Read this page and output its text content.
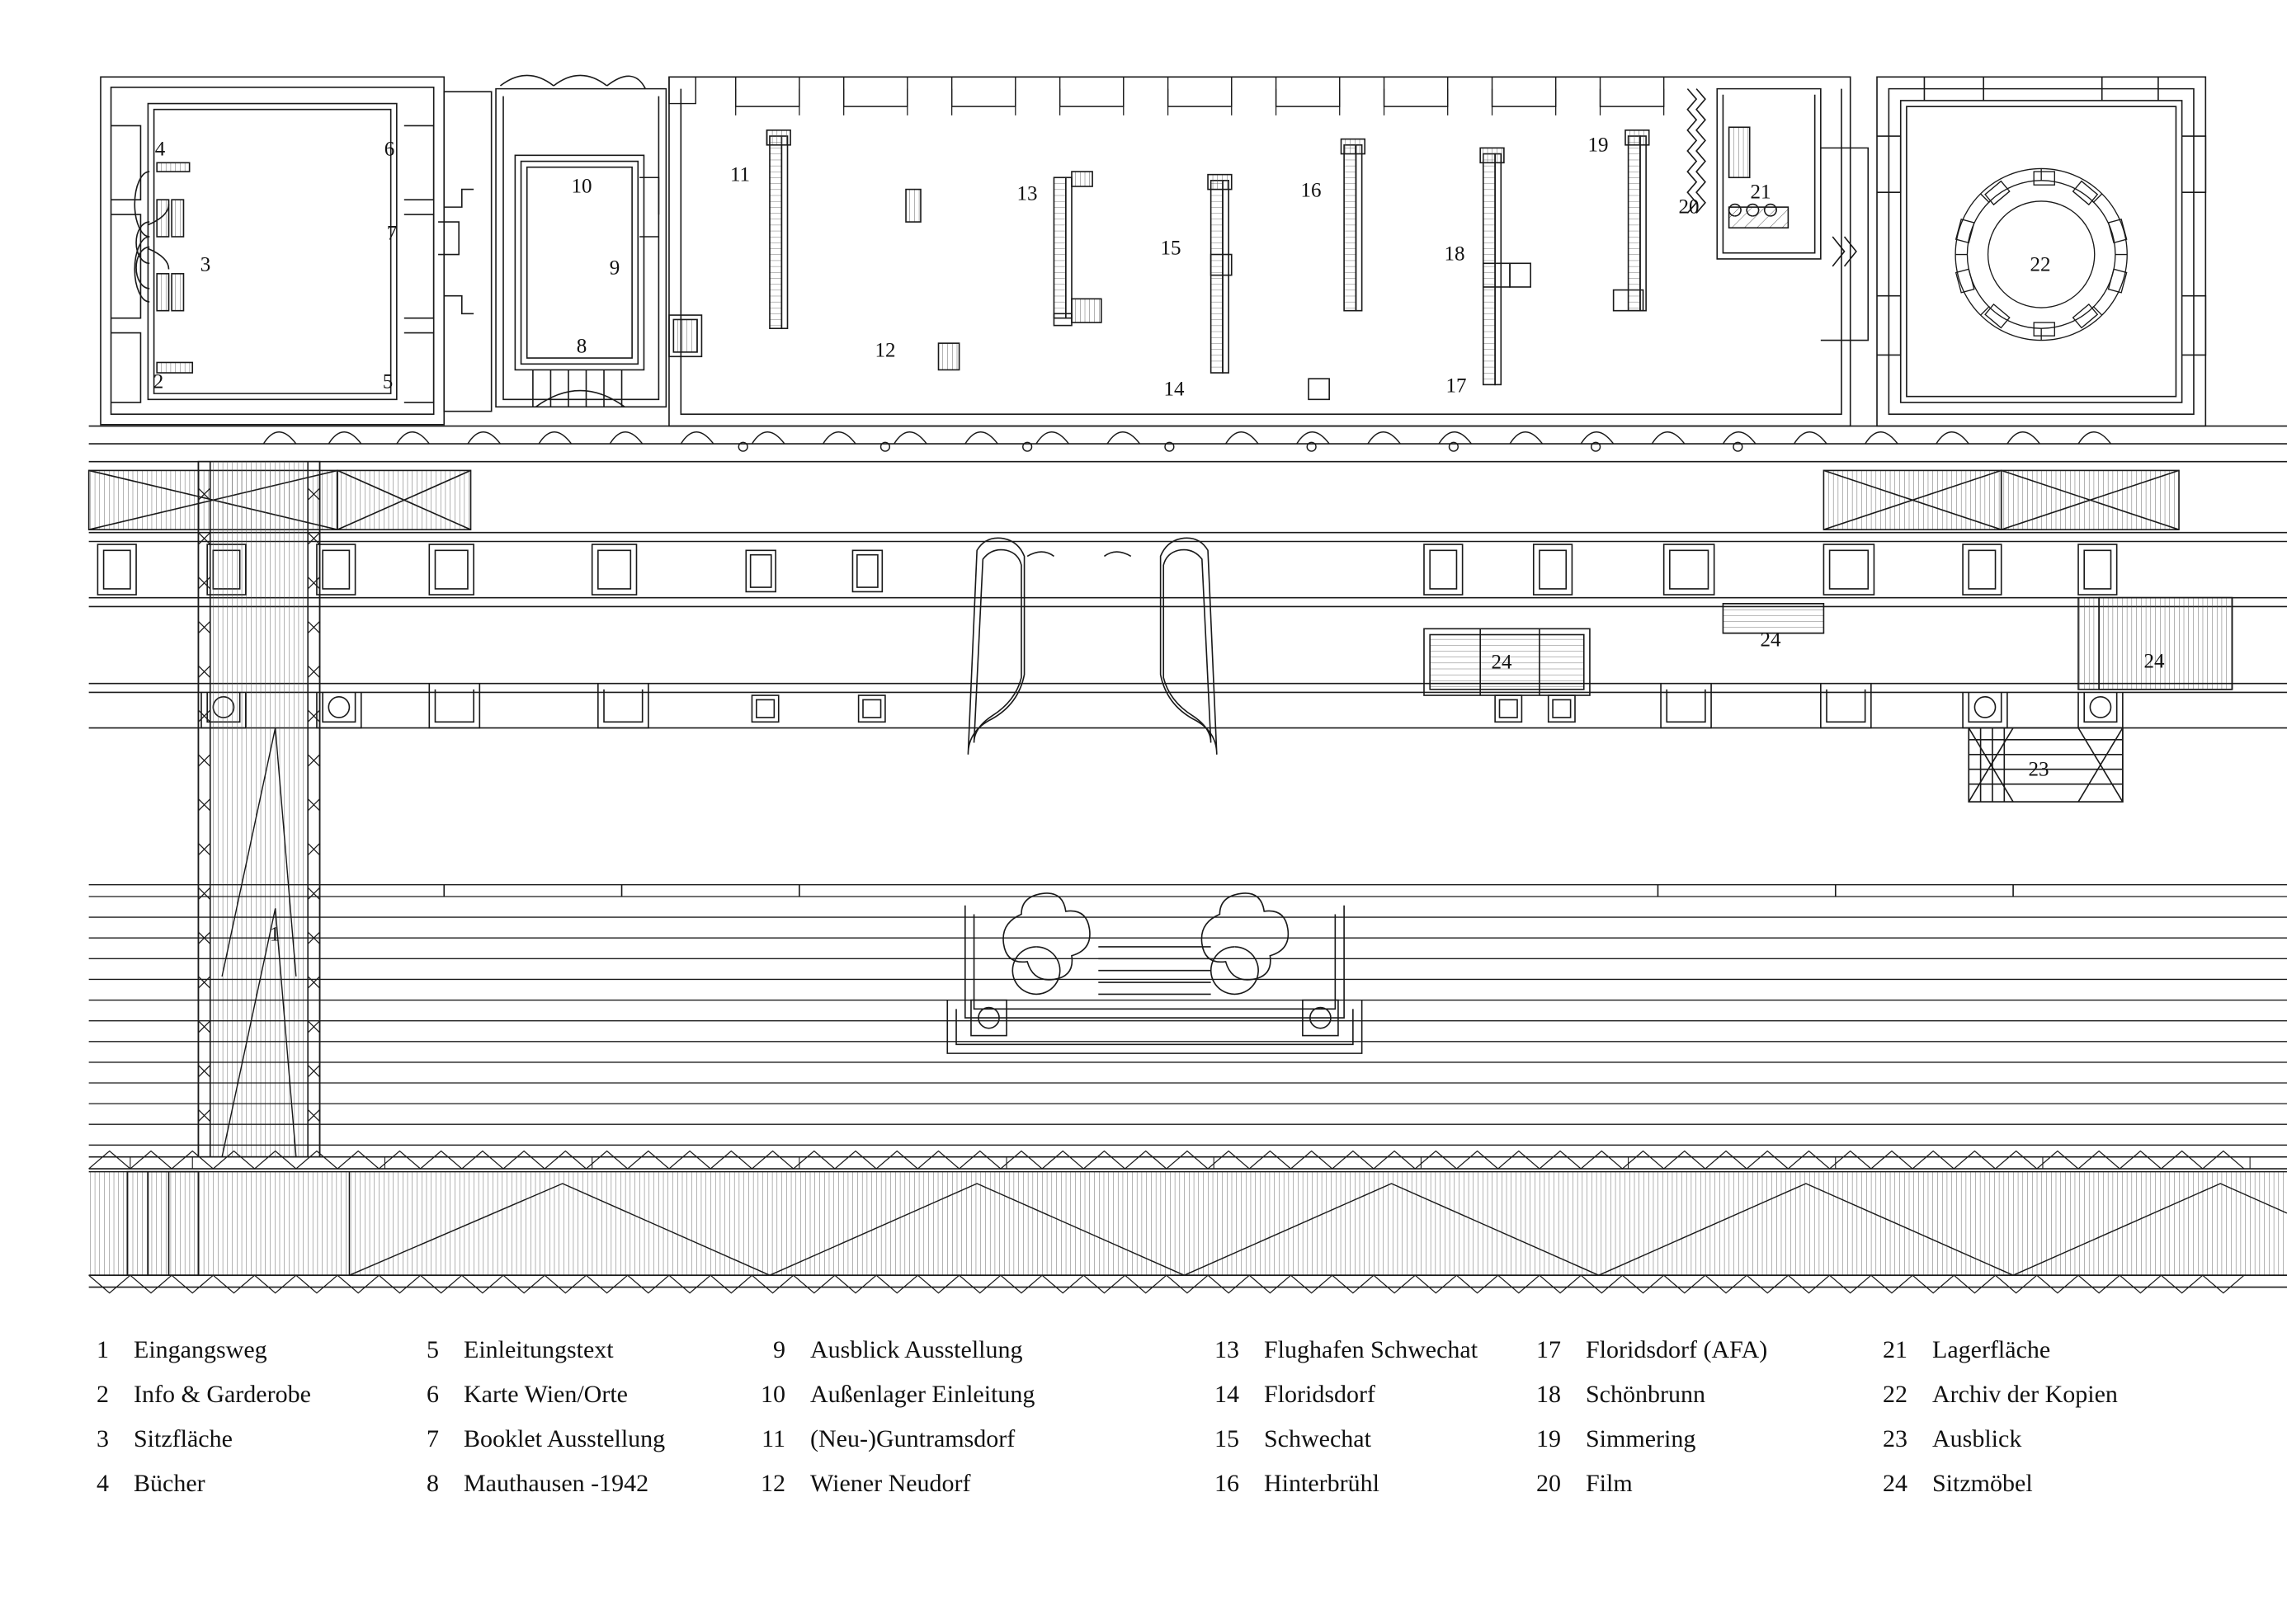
1
2
3
4
5
6
7
8
9
10
11
12
13
14
15
16
17
18
19
20
21
22
23
24
24
24
1 Eingangsweg
2 Info & Garderobe
3 Sitzfläche
4 Bücher
5 Einleitungstext
6 Karte Wien/Orte
7 Booklet Ausstellung
8 Mauthausen -1942
9 Ausblick Ausstellung
10 Außenlager Einleitung
11 (Neu-)Guntramsdorf
12 Wiener Neudorf
13 Flughafen Schwechat
14 Floridsdorf
15 Schwechat
16 Hinterbrühl
17 Floridsdorf (AFA)
18 Schönbrunn
19 Simmering
20 Film
21 Lagerfläche
22 Archiv der Kopien
23 Ausblick
24 Sitzmöbel
